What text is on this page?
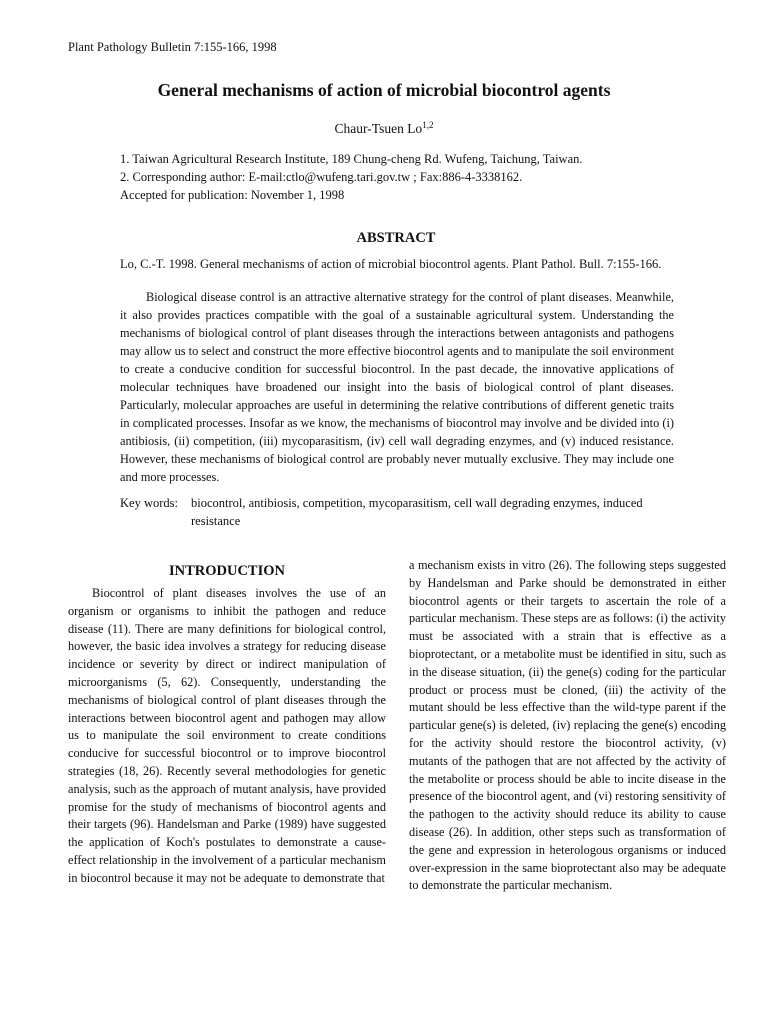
Plant Pathology Bulletin 7:155-166, 1998
General mechanisms of action of microbial biocontrol agents
Chaur-Tsuen Lo$^{1,2}$
1. Taiwan Agricultural Research Institute, 189 Chung-cheng Rd. Wufeng, Taichung, Taiwan.
2. Corresponding author: E-mail:ctlo@wufeng.tari.gov.tw ; Fax:886-4-3338162.
Accepted for publication: November 1, 1998
ABSTRACT
Lo, C.-T. 1998. General mechanisms of action of microbial biocontrol agents. Plant Pathol. Bull. 7:155-166.

Biological disease control is an attractive alternative strategy for the control of plant diseases. Meanwhile, it also provides practices compatible with the goal of a sustainable agricultural system. Understanding the mechanisms of biological control of plant diseases through the interactions between antagonists and pathogens may allow us to select and construct the more effective biocontrol agents and to manipulate the soil environment to create a conducive condition for successful biocontrol. In the past decade, the innovative applications of molecular techniques have broadened our insight into the basis of biological control of plant diseases. Particularly, molecular approaches are useful in determining the relative contributions of different genetic traits in complicated processes. Insofar as we know, the mechanisms of biocontrol may involve and be divided into (i) antibiosis, (ii) competition, (iii) mycoparasitism, (iv) cell wall degrading enzymes, and (v) induced resistance. However, these mechanisms of biological control are probably never mutually exclusive. They may include one and more processes.

Key words: biocontrol, antibiosis, competition, mycoparasitism, cell wall degrading enzymes, induced resistance
INTRODUCTION

Biocontrol of plant diseases involves the use of an organism or organisms to inhibit the pathogen and reduce disease (11). There are many definitions for biological control, however, the basic idea involves a strategy for reducing disease incidence or severity by direct or indirect manipulation of microorganisms (5, 62). Consequently, understanding the mechanisms of biological control of plant diseases through the interactions between biocontrol agent and pathogen may allow us to manipulate the soil environment to create conditions conducive for successful biocontrol or to improve biocontrol strategies (18, 26). Recently several methodologies for genetic analysis, such as the approach of mutant analysis, have provided promise for the study of mechanisms of biocontrol agents and their targets (96). Handelsman and Parke (1989) have suggested the application of Koch's postulates to demonstrate a cause-effect relationship in the involvement of a particular mechanism in biocontrol because it may not be adequate to demonstrate that

a mechanism exists in vitro (26). The following steps suggested by Handelsman and Parke should be demonstrated in either biocontrol agents or their targets to ascertain the role of a particular mechanism. These steps are as follows: (i) the activity must be associated with a strain that is effective as a bioprotectant, or a metabolite must be identified in situ, such as in the disease situation, (ii) the gene(s) coding for the particular product or process must be cloned, (iii) the activity of the mutant should be less effective than the wild-type parent if the particular gene(s) is deleted, (iv) replacing the gene(s) encoding for the activity should restore the biocontrol activity, (v) mutants of the pathogen that are not affected by the activity of the metabolite or process should be able to incite disease in the presence of the biocontrol agent, and (vi) restoring sensitivity of the pathogen to the activity should reduce its ability to cause disease (26). In addition, other steps such as transformation of the gene and expression in heterologous organisms or induced over-expression in the same bioprotectant also may be adequate to demonstrate the particular mechanism.
